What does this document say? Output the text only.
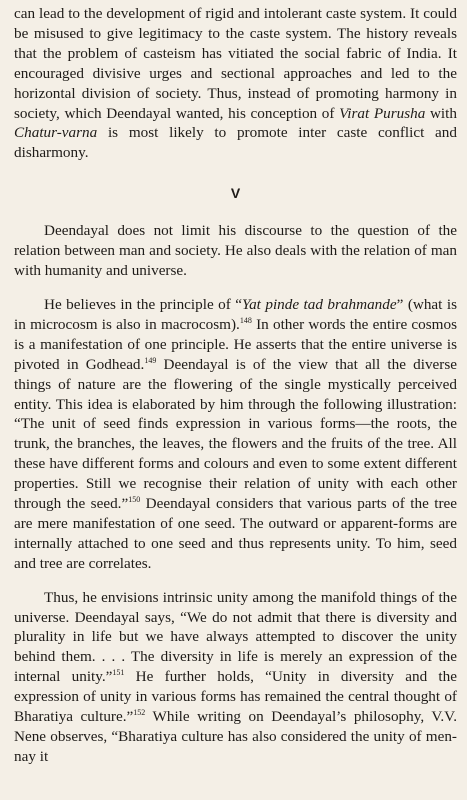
can lead to the development of rigid and intolerant caste system. It could be misused to give legitimacy to the caste system. The history reveals that the problem of casteism has vitiated the social fabric of India. It encouraged divisive urges and sectional approaches and led to the horizontal division of society. Thus, instead of promoting harmony in society, which Deendayal wanted, his conception of Virat Purusha with Chatur-varna is most likely to promote inter caste conflict and disharmony.

V

Deendayal does not limit his discourse to the question of the relation between man and society. He also deals with the relation of man with humanity and universe.

He believes in the principle of “Yat pinde tad brahmande” (what is in microcosm is also in macrocosm).$^{148}$ In other words the entire cosmos is a manifestation of one principle. He asserts that the entire universe is pivoted in Godhead.$^{149}$ Deendayal is of the view that all the diverse things of nature are the flowering of the single mystically perceived entity. This idea is elaborated by him through the following illustration: “The unit of seed finds expression in various forms—the roots, the trunk, the branches, the leaves, the flowers and the fruits of the tree. All these have different forms and colours and even to some extent different properties. Still we recognise their relation of unity with each other through the seed.”$^{150}$ Deendayal considers that various parts of the tree are mere manifestation of one seed. The outward or apparent-forms are internally attached to one seed and thus represents unity. To him, seed and tree are correlates.

Thus, he envisions intrinsic unity among the manifold things of the universe. Deendayal says, “We do not admit that there is diversity and plurality in life but we have always attempted to discover the unity behind them. . . . The diversity in life is merely an expression of the internal unity.”$^{151}$ He further holds, “Unity in diversity and the expression of unity in various forms has remained the central thought of Bharatiya culture.”$^{152}$ While writing on Deendayal’s philosophy, V.V. Nene observes, “Bharatiya culture has also considered the unity of men-nay it
